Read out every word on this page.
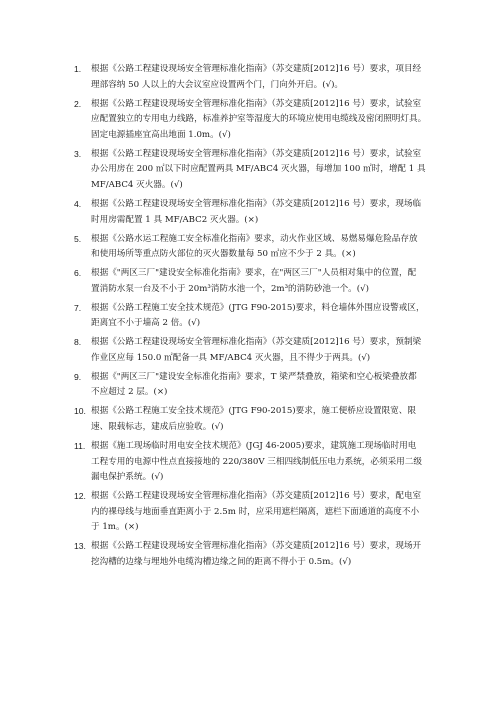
1. 根据《公路工程建设现场安全管理标准化指南》（苏交建质[2012]16 号）要求，项目经
理部容纳 50 人以上的大会议室应设置两个门，门向外开启。(√)。
2. 根据《公路工程建设现场安全管理标准化指南》（苏交建质[2012]16 号）要求，试验室
应配置独立的专用电力线路，标准养护室等湿度大的环境应使用电缆线及密闭照明灯具。
固定电源插座宜高出地面 1.0m。(√)
3. 根据《公路工程建设现场安全管理标准化指南》（苏交建质[2012]16 号）要求，试验室
办公用房在 200 ㎡以下时应配置两具 MF/ABC4 灭火器，每增加 100 ㎡时，增配 1 具
MF/ABC4 灭火器。(√)
4. 根据《公路工程建设现场安全管理标准化指南》（苏交建质[2012]16 号）要求，现场临
时用房需配置 1 具 MF/ABC2 灭火器。(×)
5. 根据《公路水运工程施工安全标准化指南》要求，动火作业区域、易燃易爆危险品存放
和使用场所等重点防火部位的灭火器数量每 50 ㎡应不少于 2 具。(×)
6. 根据《"两区三厂"建设安全标准化指南》要求，在"两区三厂"人员相对集中的位置，配
置消防水泵一台及不小于 20m³消防水池一个，2m³的消防砂池一个。(√)
7. 根据《公路工程施工安全技术规范》(JTG F90-2015)要求，料仓墙体外围应设警戒区，
距离宜不小于墙高 2 倍。(√)
8. 根据《公路工程建设现场安全管理标准化指南》（苏交建质[2012]16 号）要求，预制梁
作业区应每 150.0 ㎡配备一具 MF/ABC4 灭火器，且不得少于两具。(√)
9. 根据《"两区三厂"建设安全标准化指南》要求，T 梁严禁叠放，箱梁和空心板梁叠放都
不应超过 2 层。(×)
10. 根据《公路工程施工安全技术规范》(JTG F90-2015)要求，施工便桥应设置限宽、限
速、限载标志，建成后应验收。(√)
11. 根据《施工现场临时用电安全技术规范》(JGJ 46-2005)要求，建筑施工现场临时用电
工程专用的电源中性点直接接地的 220/380V 三相四线制低压电力系统，必须采用二级
漏电保护系统。(√)
12. 根据《公路工程建设现场安全管理标准化指南》（苏交建质[2012]16 号）要求，配电室
内的裸母线与地面垂直距离小于 2.5m 时，应采用遮栏隔离，遮栏下面通道的高度不小
于 1m。(×)
13. 根据《公路工程建设现场安全管理标准化指南》（苏交建质[2012]16 号）要求，现场开
挖沟槽的边缘与埋地外电缆沟槽边缘之间的距离不得小于 0.5m。(√)
